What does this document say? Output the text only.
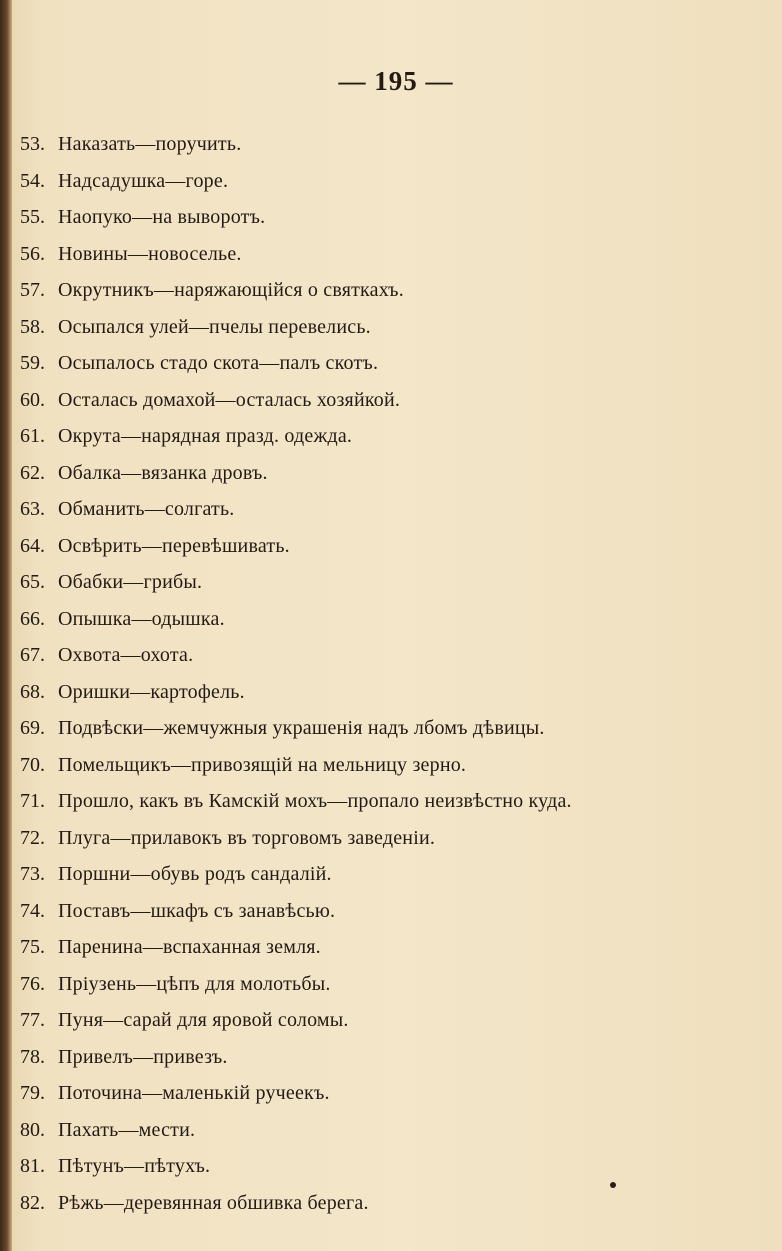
— 195 —
53. Наказать—поручить.
54. Надсадушка—горе.
55. Наопуко—на выворотъ.
56. Новины—новоселье.
57. Окрутникъ—наряжающійся о святкахъ.
58. Осыпался улей—пчелы перевелись.
59. Осыпалось стадо скота—палъ скотъ.
60. Осталась домахой—осталась хозяйкой.
61. Окрута—нарядная празд. одежда.
62. Обалка—вязанка дровъ.
63. Обманить—солгать.
64. Освѣрить—перевѣшивать.
65. Обабки—грибы.
66. Опышка—одышка.
67. Охвота—охота.
68. Оришки—картофель.
69. Подвѣски—жемчужныя украшенія надъ лбомъ дѣвицы.
70. Помельщикъ—привозящій на мельницу зерно.
71. Прошло, какъ въ Камскій мохъ—пропало неизвѣстно куда.
72. Плуга—прилавокъ въ торговомъ заведеніи.
73. Поршни—обувь родъ сандалій.
74. Поставъ—шкафъ съ занавѣсью.
75. Паренина—вспаханная земля.
76. Пріузень—цѣпъ для молотьбы.
77. Пуня—сарай для яровой соломы.
78. Привелъ—привезъ.
79. Поточина—маленькій ручеекъ.
80. Пахать—мести.
81. Пѣтунъ—пѣтухъ.
82. Рѣжь—деревянная обшивка берега.
